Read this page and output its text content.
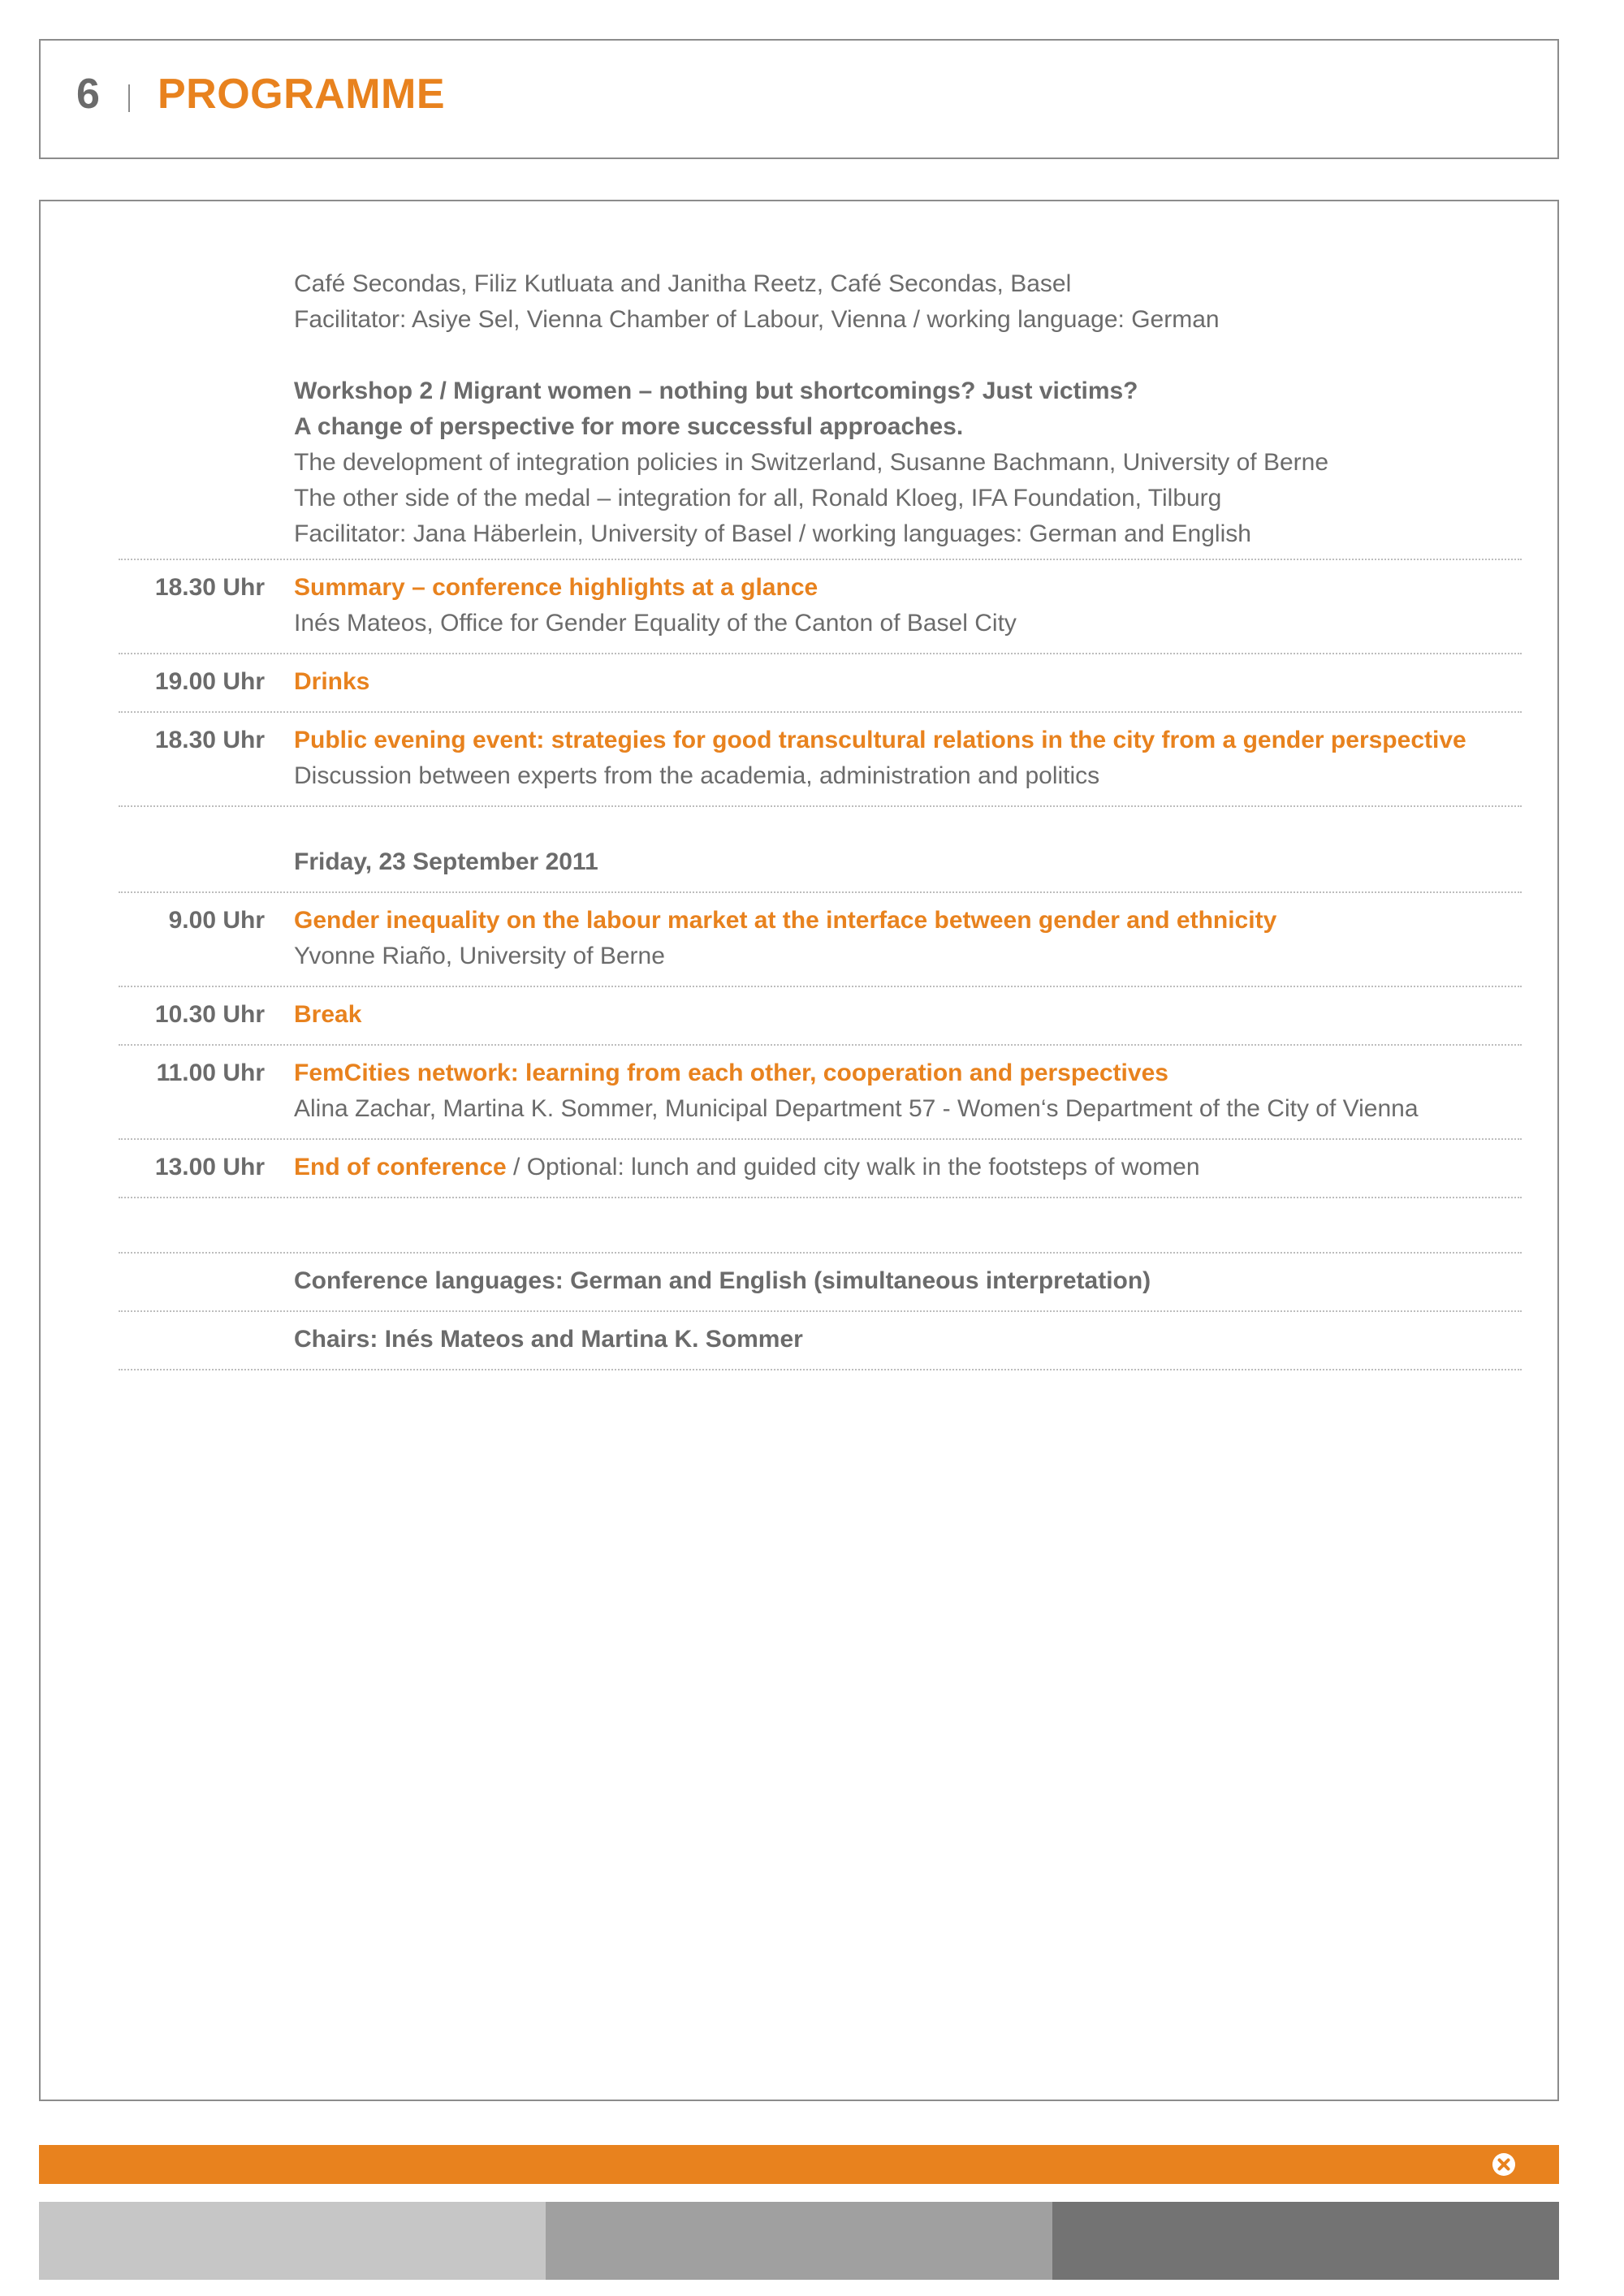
6 PROGRAMME
Café Secondas, Filiz Kutluata and Janitha Reetz, Café Secondas, Basel
Facilitator: Asiye Sel, Vienna Chamber of Labour, Vienna / working language: German
Workshop 2 / Migrant women – nothing but shortcomings? Just victims?
A change of perspective for more successful approaches.
The development of integration policies in Switzerland, Susanne Bachmann, University of Berne
The other side of the medal – integration for all, Ronald Kloeg, IFA Foundation, Tilburg
Facilitator: Jana Häberlein, University of Basel / working languages: German and English
18.30 Uhr Summary – conference highlights at a glance
Inés Mateos, Office for Gender Equality of the Canton of Basel City
19.00 Uhr Drinks
18.30 Uhr Public evening event: strategies for good transcultural relations in the city from a gender perspective
Discussion between experts from the academia, administration and politics
Friday, 23 September 2011
9.00 Uhr Gender inequality on the labour market at the interface between gender and ethnicity
Yvonne Riaño, University of Berne
10.30 Uhr Break
11.00 Uhr FemCities network: learning from each other, cooperation and perspectives
Alina Zachar, Martina K. Sommer, Municipal Department 57 - Women‘s Department of the City of Vienna
13.00 Uhr End of conference / Optional: lunch and guided city walk in the footsteps of women
Conference languages: German and English (simultaneous interpretation)
Chairs: Inés Mateos and Martina K. Sommer
